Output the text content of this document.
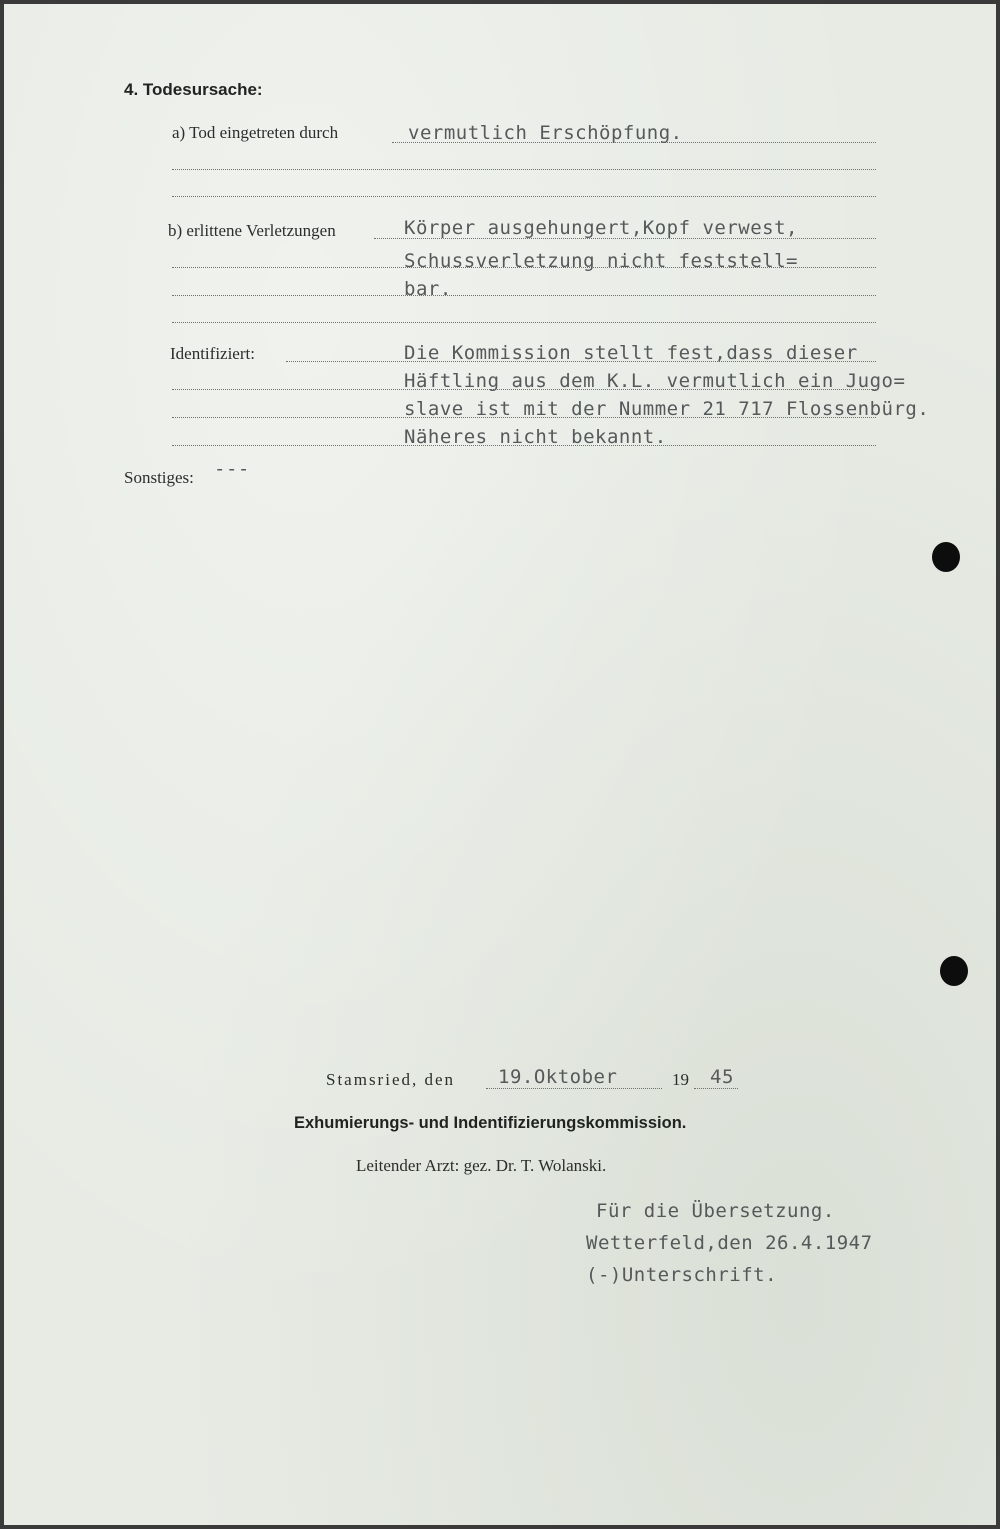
4. Todesursache:
a) Tod eingetreten durch	vermutlich Erschöpfung.
b) erlittene Verletzungen	Körper ausgehungert,Kopf verwest,
Schussverletzung nicht feststell=
bar.
Identifiziert:	Die Kommission stellt fest,dass dieser
Häftling aus dem K.L. vermutlich ein Jugo=
slave ist mit der Nummer 21 717 Flossenbürg.
Näheres nicht bekannt.
Sonstiges: ---
Stamsried, den 19.Oktober	19 45
Exhumierungs- und Indentifizierungskommission.
Leitender Arzt: gez. Dr. T. Wolanski.
Für die Übersetzung.
Wetterfeld,den 26.4.1947
(-)Unterschrift.
